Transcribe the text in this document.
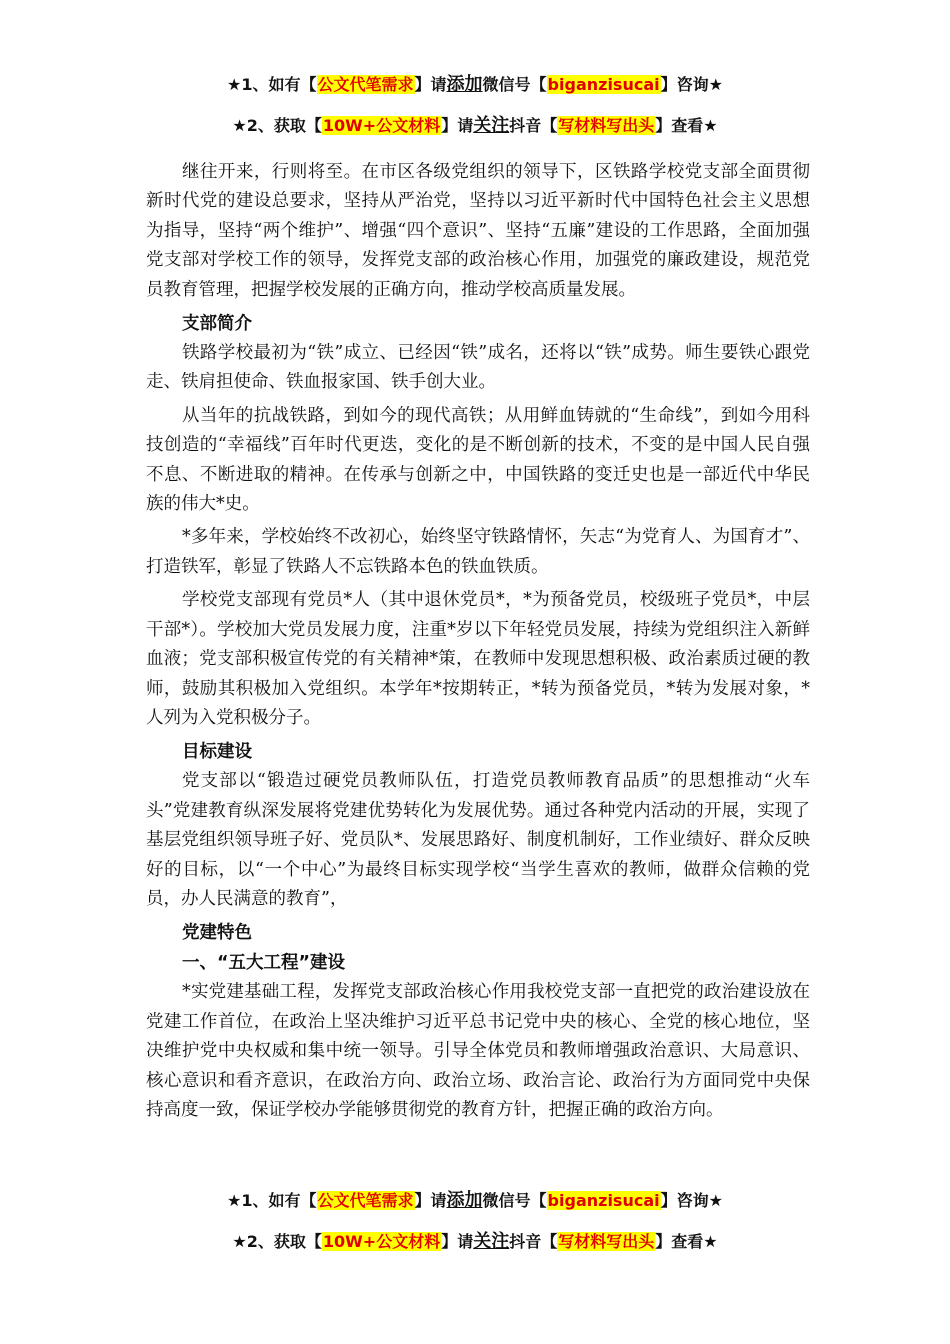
★1、如有【公文代笔需求】请添加微信号【biganzisucai】咨询★
★2、获取【10W+公文材料】请关注抖音【写材料写出头】查看★

继往开来，行则将至。在市区各级党组织的领导下，区铁路学校党支部全面贯彻新时代党的建设总要求，坚持从严治党，坚持以习近平新时代中国特色社会主义思想为指导，坚持“两个维护”、增强“四个意识”、坚持“五廉”建设的工作思路，全面加强党支部对学校工作的领导，发挥党支部的政治核心作用，加强党的廉政建设，规范党员教育管理，把握学校发展的正确方向，推动学校高质量发展。

支部简介

铁路学校最初为“铁”成立、已经因“铁”成名，还将以“铁”成势。师生要铁心跟党走、铁肩担使命、铁血报家国、铁手创大业。

从当年的抗战铁路，到如今的现代高铁；从用鲜血铸就的“生命线”，到如今用科技创造的“幸福线”百年时代更迭，变化的是不断创新的技术，不变的是中国人民自强不息、不断进取的精神。在传承与创新之中，中国铁路的变迁史也是一部近代中华民族的伟大*史。

*多年来，学校始终不改初心，始终坚守铁路情怀，矢志“为党育人、为国育才”、打造铁军，彰显了铁路人不忘铁路本色的铁血铁质。

学校党支部现有党员*人（其中退休党员*，*为预备党员，校级班子党员*，中层干部*）。学校加大党员发展力度，注重*岁以下年轻党员发展，持续为党组织注入新鲜血液；党支部积极宣传党的有关精神*策，在教师中发现思想积极、政治素质过硬的教师，鼓励其积极加入党组织。本学年*按期转正，*转为预备党员，*转为发展对象，*人列为入党积极分子。

目标建设

党支部以“锻造过硬党员教师队伍，打造党员教师教育品质”的思想推动“火车头”党建教育纵深发展将党建优势转化为发展优势。通过各种党内活动的开展，实现了基层党组织领导班子好、党员队*、发展思路好、制度机制好，工作业绩好、群众反映好的目标，以“一个中心”为最终目标实现学校“当学生喜欢的教师，做群众信赖的党员，办人民满意的教育”，

党建特色

一、“五大工程”建设

*实党建基础工程，发挥党支部政治核心作用我校党支部一直把党的政治建设放在党建工作首位，在政治上坚决维护习近平总书记党中央的核心、全党的核心地位，坚决维护党中央权威和集中统一领导。引导全体党员和教师增强政治意识、大局意识、核心意识和看齐意识，在政治方向、政治立场、政治言论、政治行为方面同党中央保持高度一致，保证学校办学能够贯彻党的教育方针，把握正确的政治方向。

★1、如有【公文代笔需求】请添加微信号【biganzisucai】咨询★
★2、获取【10W+公文材料】请关注抖音【写材料写出头】查看★
